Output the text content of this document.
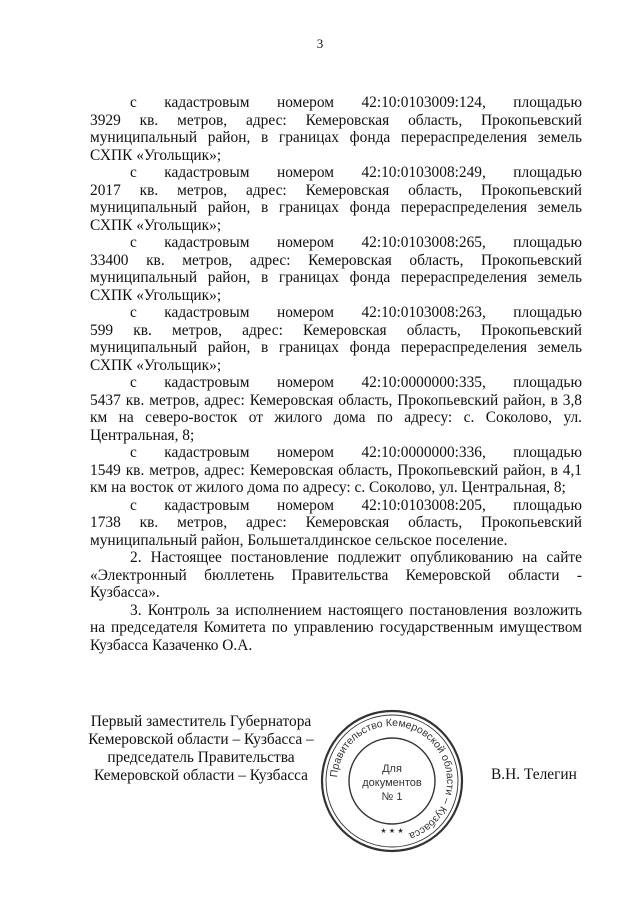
3
с кадастровым номером 42:10:0103009:124, площадью

3929 кв. метров, адрес: Кемеровская область, Прокопьевский муниципальный район, в границах фонда перераспределения земель СХПК «Угольщик»;

с кадастровым номером 42:10:0103008:249, площадью

2017 кв. метров, адрес: Кемеровская область, Прокопьевский муниципальный район, в границах фонда перераспределения земель СХПК «Угольщик»;

с кадастровым номером 42:10:0103008:265, площадью

33400 кв. метров, адрес: Кемеровская область, Прокопьевский муниципальный район, в границах фонда перераспределения земель СХПК «Угольщик»;

с кадастровым номером 42:10:0103008:263, площадью

599 кв. метров, адрес: Кемеровская область, Прокопьевский муниципальный район, в границах фонда перераспределения земель СХПК «Угольщик»;

с кадастровым номером 42:10:0000000:335, площадью

5437 кв. метров, адрес: Кемеровская область, Прокопьевский район, в 3,8 км на северо-восток от жилого дома по адресу: с. Соколово, ул. Центральная, 8;

с кадастровым номером 42:10:0000000:336, площадью

1549 кв. метров, адрес: Кемеровская область, Прокопьевский район, в 4,1 км на восток от жилого дома по адресу: с. Соколово, ул. Центральная, 8;

с кадастровым номером 42:10:0103008:205, площадью

1738 кв. метров, адрес: Кемеровская область, Прокопьевский муниципальный район, Большеталдинское сельское поселение.

2. Настоящее постановление подлежит опубликованию на сайте «Электронный бюллетень Правительства Кемеровской области - Кузбасса».

3. Контроль за исполнением настоящего постановления возложить на председателя Комитета по управлению государственным имуществом Кузбасса Казаченко О.А.

Первый заместитель Губернатора
Кемеровской области – Кузбасса –
председатель Правительства
Кемеровской области – Кузбасса	Правительство Кемеровской области – Кузбасса
Для
документов
№ 1
★ ★ ★
В.Н. Телегин
